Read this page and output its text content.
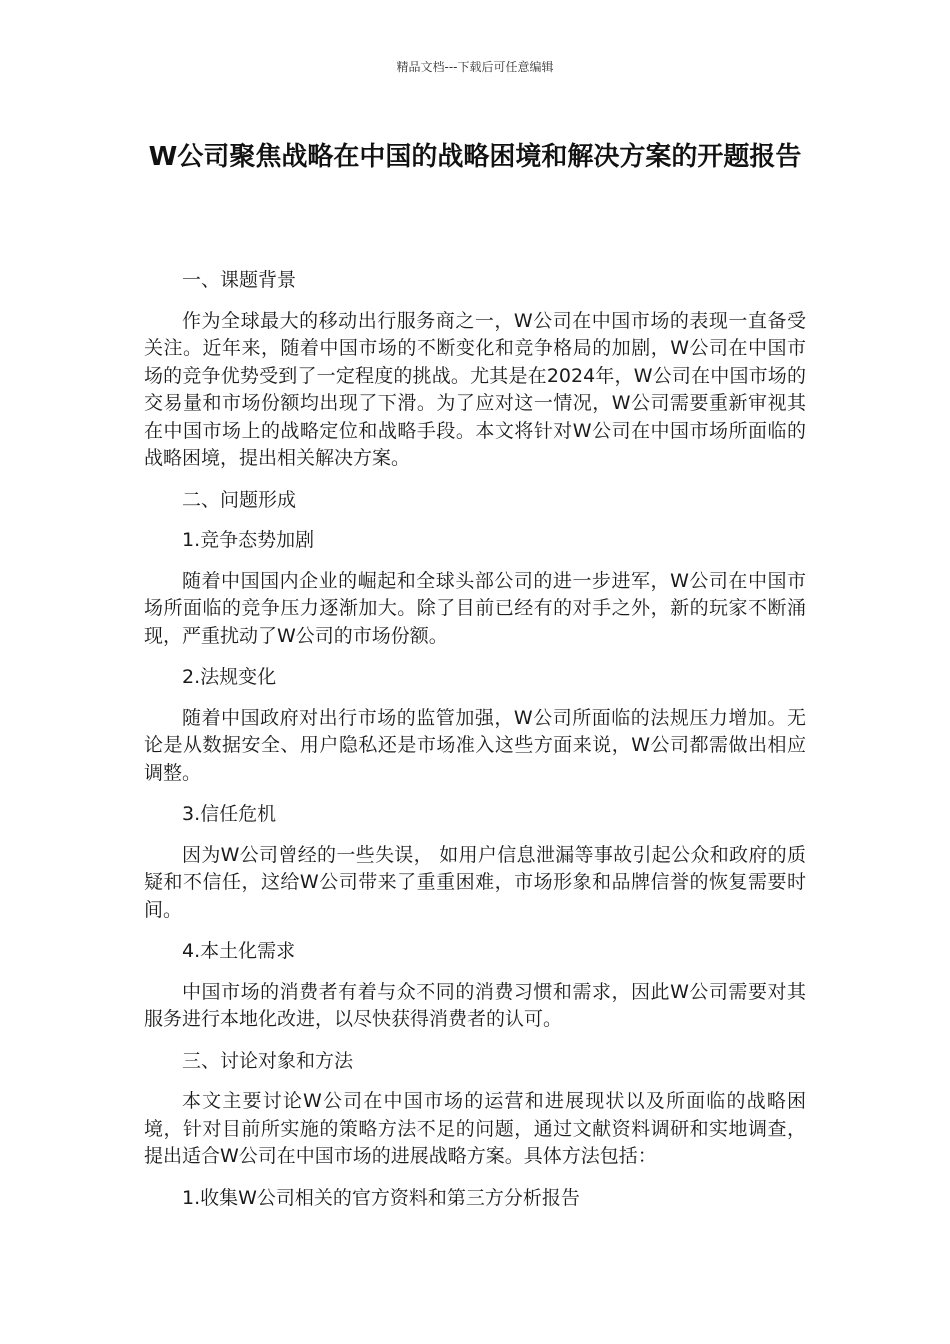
精品文档---下载后可任意编辑
W公司聚焦战略在中国的战略困境和解决方案的开题报告

一、课题背景

作为全球最大的移动出行服务商之一，W公司在中国市场的表现一直备受关注。近年来，随着中国市场的不断变化和竞争格局的加剧，W公司在中国市场的竞争优势受到了一定程度的挑战。尤其是在2024年，W公司在中国市场的交易量和市场份额均出现了下滑。为了应对这一情况，W公司需要重新审视其在中国市场上的战略定位和战略手段。本文将针对W公司在中国市场所面临的战略困境，提出相关解决方案。

二、问题形成

1.竞争态势加剧

随着中国国内企业的崛起和全球头部公司的进一步进军，W公司在中国市场所面临的竞争压力逐渐加大。除了目前已经有的对手之外，新的玩家不断涌现，严重扰动了W公司的市场份额。

2.法规变化

随着中国政府对出行市场的监管加强，W公司所面临的法规压力增加。无论是从数据安全、用户隐私还是市场准入这些方面来说，W公司都需做出相应调整。

3.信任危机

因为W公司曾经的一些失误， 如用户信息泄漏等事故引起公众和政府的质疑和不信任，这给W公司带来了重重困难，市场形象和品牌信誉的恢复需要时间。

4.本土化需求

中国市场的消费者有着与众不同的消费习惯和需求，因此W公司需要对其服务进行本地化改进，以尽快获得消费者的认可。

三、讨论对象和方法

本文主要讨论W公司在中国市场的运营和进展现状以及所面临的战略困境，针对目前所实施的策略方法不足的问题，通过文献资料调研和实地调查，提出适合W公司在中国市场的进展战略方案。具体方法包括：

1.收集W公司相关的官方资料和第三方分析报告
